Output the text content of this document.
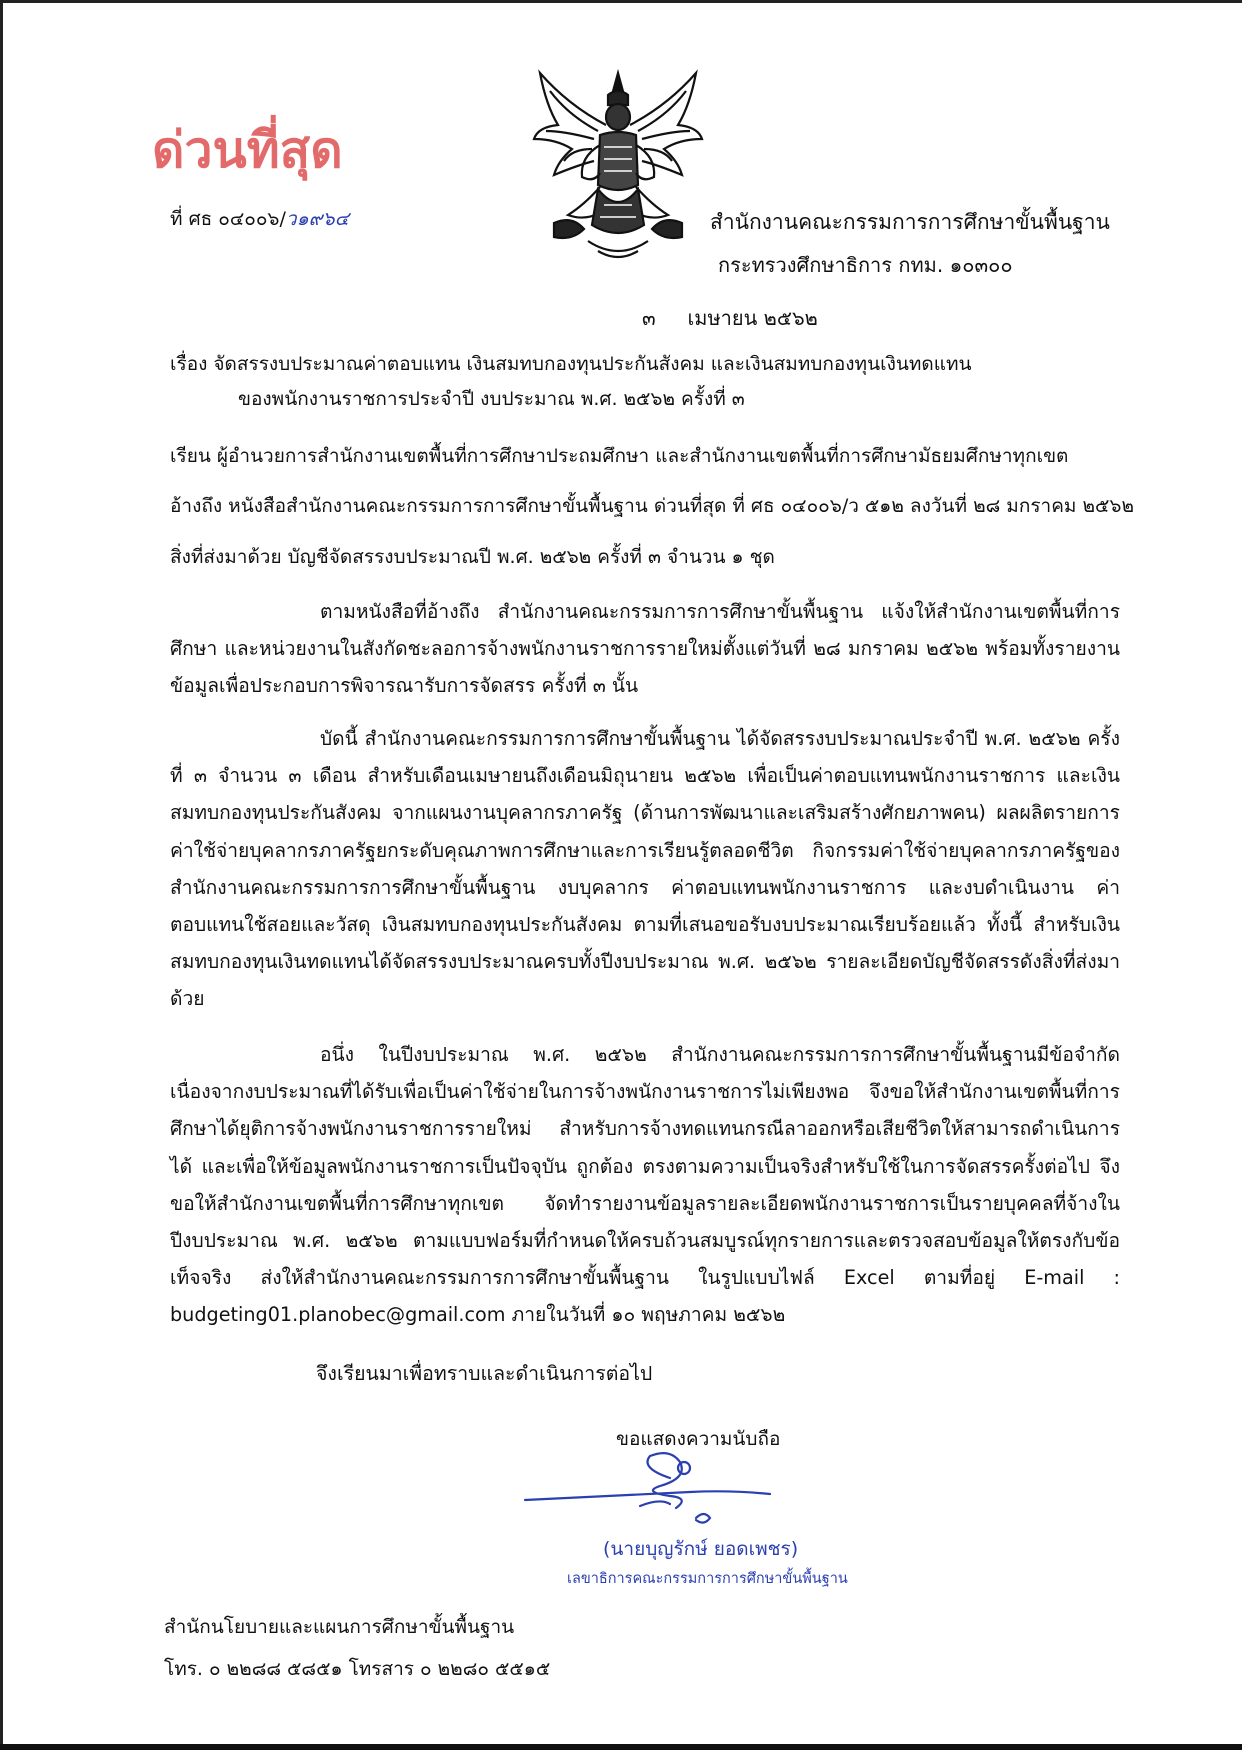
ด่วนที่สุด
ที่ ศธ ๐๔๐๐๖/ว๑๙๖๔	สำนักงานคณะกรรมการการศึกษาขั้นพื้นฐาน
กระทรวงศึกษาธิการ กทม. ๑๐๓๐๐
๓ เมษายน ๒๕๖๒
เรื่อง จัดสรรงบประมาณค่าตอบแทน เงินสมทบกองทุนประกันสังคม และเงินสมทบกองทุนเงินทดแทน
ของพนักงานราชการประจำปี งบประมาณ พ.ศ. ๒๕๖๒ ครั้งที่ ๓
เรียน ผู้อำนวยการสำนักงานเขตพื้นที่การศึกษาประถมศึกษา และสำนักงานเขตพื้นที่การศึกษามัธยมศึกษาทุกเขต
อ้างถึง หนังสือสำนักงานคณะกรรมการการศึกษาขั้นพื้นฐาน ด่วนที่สุด ที่ ศธ ๐๔๐๐๖/ว ๕๑๒ ลงวันที่ ๒๘ มกราคม ๒๕๖๒
สิ่งที่ส่งมาด้วย บัญชีจัดสรรงบประมาณปี พ.ศ. ๒๕๖๒ ครั้งที่ ๓ จำนวน ๑ ชุด
ตามหนังสือที่อ้างถึง สำนักงานคณะกรรมการการศึกษาขั้นพื้นฐาน แจ้งให้สำนักงานเขตพื้นที่การศึกษา และหน่วยงานในสังกัดชะลอการจ้างพนักงานราชการรายใหม่ตั้งแต่วันที่ ๒๘ มกราคม ๒๕๖๒ พร้อมทั้งรายงานข้อมูลเพื่อประกอบการพิจารณารับการจัดสรร ครั้งที่ ๓ นั้น
บัดนี้ สำนักงานคณะกรรมการการศึกษาขั้นพื้นฐาน ได้จัดสรรงบประมาณประจำปี พ.ศ. ๒๕๖๒ ครั้งที่ ๓ จำนวน ๓ เดือน สำหรับเดือนเมษายนถึงเดือนมิถุนายน ๒๕๖๒ เพื่อเป็นค่าตอบแทนพนักงานราชการ และเงินสมทบกองทุนประกันสังคม จากแผนงานบุคลากรภาครัฐ (ด้านการพัฒนาและเสริมสร้างศักยภาพคน) ผลผลิตรายการค่าใช้จ่ายบุคลากรภาครัฐยกระดับคุณภาพการศึกษาและการเรียนรู้ตลอดชีวิต กิจกรรมค่าใช้จ่ายบุคลากรภาครัฐของสำนักงานคณะกรรมการการศึกษาขั้นพื้นฐาน งบบุคลากร ค่าตอบแทนพนักงานราชการ และงบดำเนินงาน ค่าตอบแทนใช้สอยและวัสดุ เงินสมทบกองทุนประกันสังคม ตามที่เสนอขอรับงบประมาณเรียบร้อยแล้ว ทั้งนี้ สำหรับเงินสมทบกองทุนเงินทดแทนได้จัดสรรงบประมาณครบทั้งปีงบประมาณ พ.ศ. ๒๕๖๒ รายละเอียดบัญชีจัดสรรดังสิ่งที่ส่งมาด้วย
อนึ่ง ในปีงบประมาณ พ.ศ. ๒๕๖๒ สำนักงานคณะกรรมการการศึกษาขั้นพื้นฐานมีข้อจำกัด เนื่องจากงบประมาณที่ได้รับเพื่อเป็นค่าใช้จ่ายในการจ้างพนักงานราชการไม่เพียงพอ จึงขอให้สำนักงานเขตพื้นที่การศึกษาได้ยุติการจ้างพนักงานราชการรายใหม่ สำหรับการจ้างทดแทนกรณีลาออกหรือเสียชีวิตให้สามารถดำเนินการได้ และเพื่อให้ข้อมูลพนักงานราชการเป็นปัจจุบัน ถูกต้อง ตรงตามความเป็นจริงสำหรับใช้ในการจัดสรรครั้งต่อไป จึงขอให้สำนักงานเขตพื้นที่การศึกษาทุกเขต จัดทำรายงานข้อมูลรายละเอียดพนักงานราชการเป็นรายบุคคลที่จ้างในปีงบประมาณ พ.ศ. ๒๕๖๒ ตามแบบฟอร์มที่กำหนดให้ครบถ้วนสมบูรณ์ทุกรายการและตรวจสอบข้อมูลให้ตรงกับข้อเท็จจริง ส่งให้สำนักงานคณะกรรมการการศึกษาขั้นพื้นฐาน ในรูปแบบไฟล์ Excel ตามที่อยู่ E-mail : budgeting01.planobec@gmail.com ภายในวันที่ ๑๐ พฤษภาคม ๒๕๖๒
จึงเรียนมาเพื่อทราบและดำเนินการต่อไป
ขอแสดงความนับถือ
(นายบุญรักษ์ ยอดเพชร)
เลขาธิการคณะกรรมการการศึกษาขั้นพื้นฐาน
สำนักนโยบายและแผนการศึกษาขั้นพื้นฐาน
โทร. ๐ ๒๒๘๘ ๕๘๕๑ โทรสาร ๐ ๒๒๘๐ ๕๕๑๕
